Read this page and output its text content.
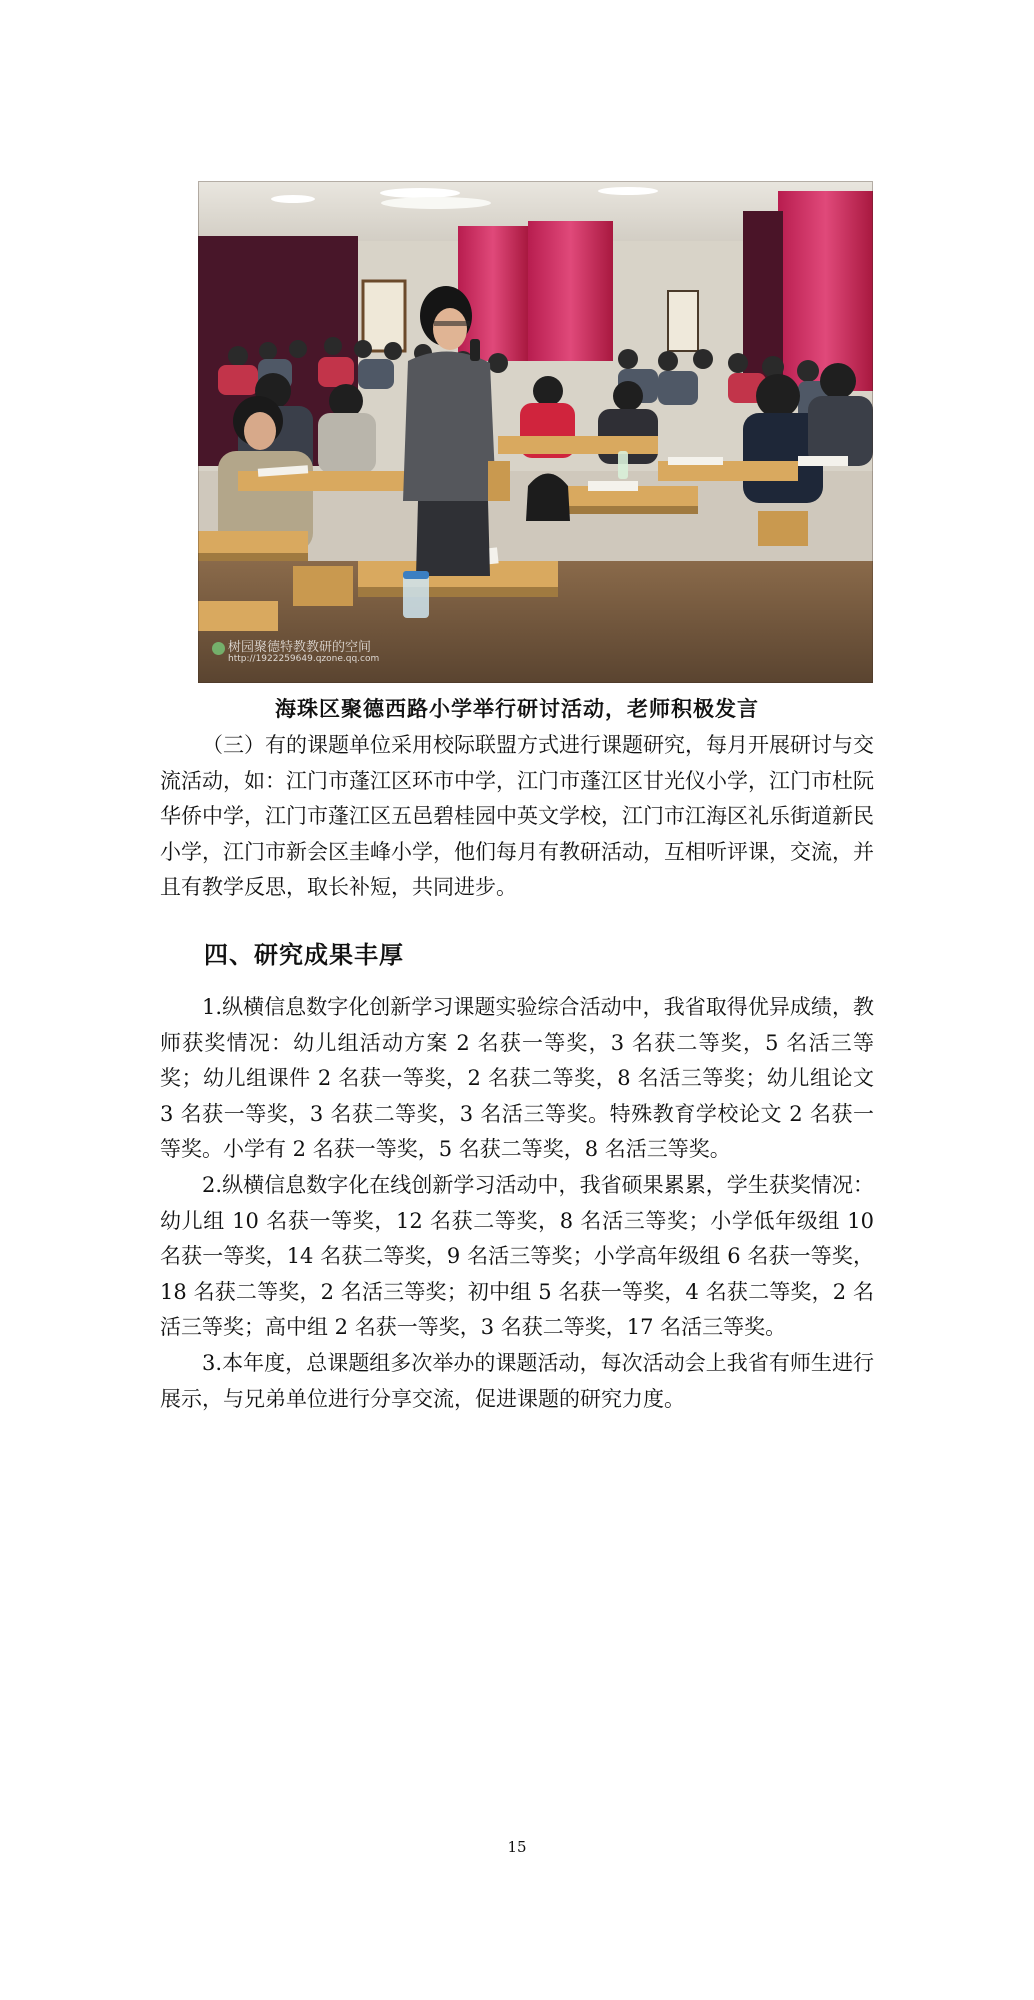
树园聚德特教教研的空间
http://1922259649.qzone.qq.com
海珠区聚德西路小学举行研讨活动，老师积极发言

（三）有的课题单位采用校际联盟方式进行课题研究，每月开展研讨与交流活动，如：江门市蓬江区环市中学，江门市蓬江区甘光仪小学，江门市杜阮华侨中学，江门市蓬江区五邑碧桂园中英文学校，江门市江海区礼乐街道新民小学，江门市新会区圭峰小学，他们每月有教研活动，互相听评课，交流，并且有教学反思，取长补短，共同进步。

四、研究成果丰厚

1.纵横信息数字化创新学习课题实验综合活动中，我省取得优异成绩，教师获奖情况：幼儿组活动方案 2 名获一等奖，3 名获二等奖，5 名活三等奖；幼儿组课件 2 名获一等奖，2 名获二等奖，8 名活三等奖；幼儿组论文 3 名获一等奖，3 名获二等奖，3 名活三等奖。特殊教育学校论文 2 名获一等奖。小学有 2 名获一等奖，5 名获二等奖，8 名活三等奖。

2.纵横信息数字化在线创新学习活动中，我省硕果累累，学生获奖情况：幼儿组 10 名获一等奖，12 名获二等奖，8 名活三等奖；小学低年级组 10 名获一等奖，14 名获二等奖，9 名活三等奖；小学高年级组 6 名获一等奖，18 名获二等奖，2 名活三等奖；初中组 5 名获一等奖，4 名获二等奖，2 名活三等奖；高中组 2 名获一等奖，3 名获二等奖，17 名活三等奖。

3.本年度，总课题组多次举办的课题活动，每次活动会上我省有师生进行展示，与兄弟单位进行分享交流，促进课题的研究力度。

15
